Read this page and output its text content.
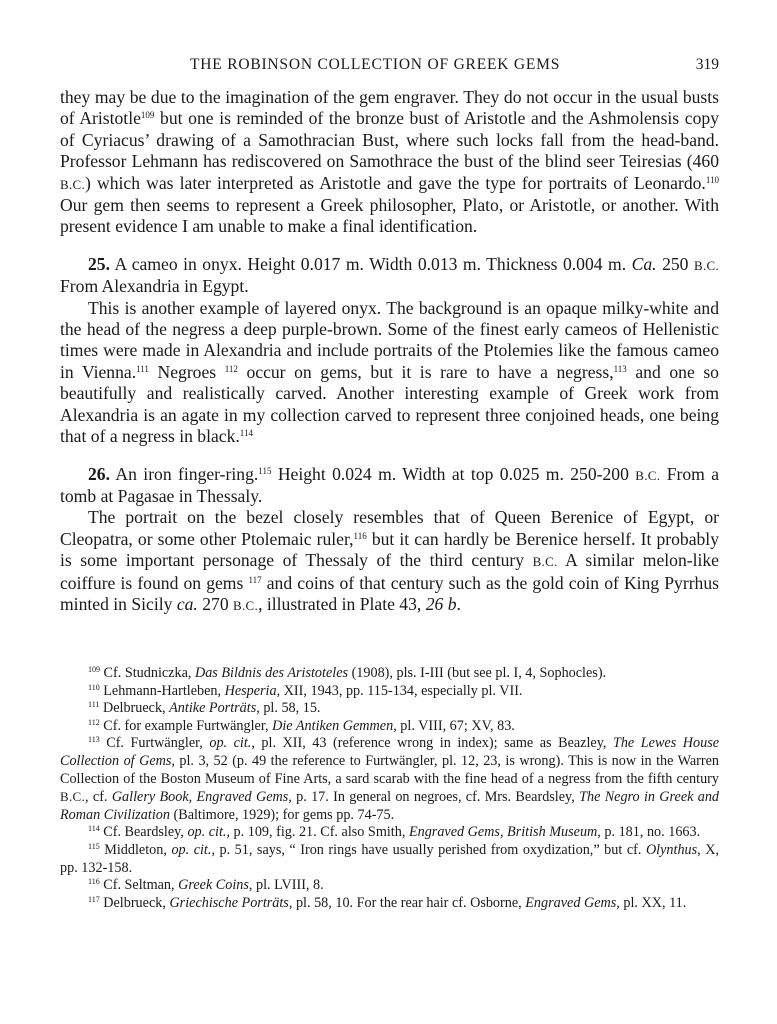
THE ROBINSON COLLECTION OF GREEK GEMS	319

they may be due to the imagination of the gem engraver. They do not occur in the usual busts of Aristotle$^{109}$ but one is reminded of the bronze bust of Aristotle and the Ashmolensis copy of Cyriacus’ drawing of a Samothracian Bust, where such locks fall from the head-band. Professor Lehmann has rediscovered on Samothrace the bust of the blind seer Teiresias (460 B.C.) which was later interpreted as Aristotle and gave the type for portraits of Leonardo.$^{110}$ Our gem then seems to represent a Greek philosopher, Plato, or Aristotle, or another. With present evidence I am unable to make a final identification.

25. A cameo in onyx. Height 0.017 m. Width 0.013 m. Thickness 0.004 m. Ca. 250 B.C. From Alexandria in Egypt.

This is another example of layered onyx. The background is an opaque milky-white and the head of the negress a deep purple-brown. Some of the finest early cameos of Hellenistic times were made in Alexandria and include portraits of the Ptolemies like the famous cameo in Vienna.$^{111}$ Negroes $^{112}$ occur on gems, but it is rare to have a negress,$^{113}$ and one so beautifully and realistically carved. Another interesting example of Greek work from Alexandria is an agate in my collection carved to represent three conjoined heads, one being that of a negress in black.$^{114}$

26. An iron finger-ring.$^{115}$ Height 0.024 m. Width at top 0.025 m. 250-200 B.C. From a tomb at Pagasae in Thessaly.

The portrait on the bezel closely resembles that of Queen Berenice of Egypt, or Cleopatra, or some other Ptolemaic ruler,$^{116}$ but it can hardly be Berenice herself. It probably is some important personage of Thessaly of the third century B.C. A similar melon-like coiffure is found on gems $^{117}$ and coins of that century such as the gold coin of King Pyrrhus minted in Sicily ca. 270 B.C., illustrated in Plate 43, 26 b.

$^{109}$ Cf. Studniczka, Das Bildnis des Aristoteles (1908), pls. I-III (but see pl. I, 4, Sophocles).

$^{110}$ Lehmann-Hartleben, Hesperia, XII, 1943, pp. 115-134, especially pl. VII.

$^{111}$ Delbrueck, Antike Porträts, pl. 58, 15.

$^{112}$ Cf. for example Furtwängler, Die Antiken Gemmen, pl. VIII, 67; XV, 83.

$^{113}$ Cf. Furtwängler, op. cit., pl. XII, 43 (reference wrong in index); same as Beazley, The Lewes House Collection of Gems, pl. 3, 52 (p. 49 the reference to Furtwängler, pl. 12, 23, is wrong). This is now in the Warren Collection of the Boston Museum of Fine Arts, a sard scarab with the fine head of a negress from the fifth century B.C., cf. Gallery Book, Engraved Gems, p. 17. In general on negroes, cf. Mrs. Beardsley, The Negro in Greek and Roman Civilization (Baltimore, 1929); for gems pp. 74-75.

$^{114}$ Cf. Beardsley, op. cit., p. 109, fig. 21. Cf. also Smith, Engraved Gems, British Museum, p. 181, no. 1663.

$^{115}$ Middleton, op. cit., p. 51, says, “ Iron rings have usually perished from oxydization,” but cf. Olynthus, X, pp. 132-158.

$^{116}$ Cf. Seltman, Greek Coins, pl. LVIII, 8.

$^{117}$ Delbrueck, Griechische Porträts, pl. 58, 10. For the rear hair cf. Osborne, Engraved Gems, pl. XX, 11.
